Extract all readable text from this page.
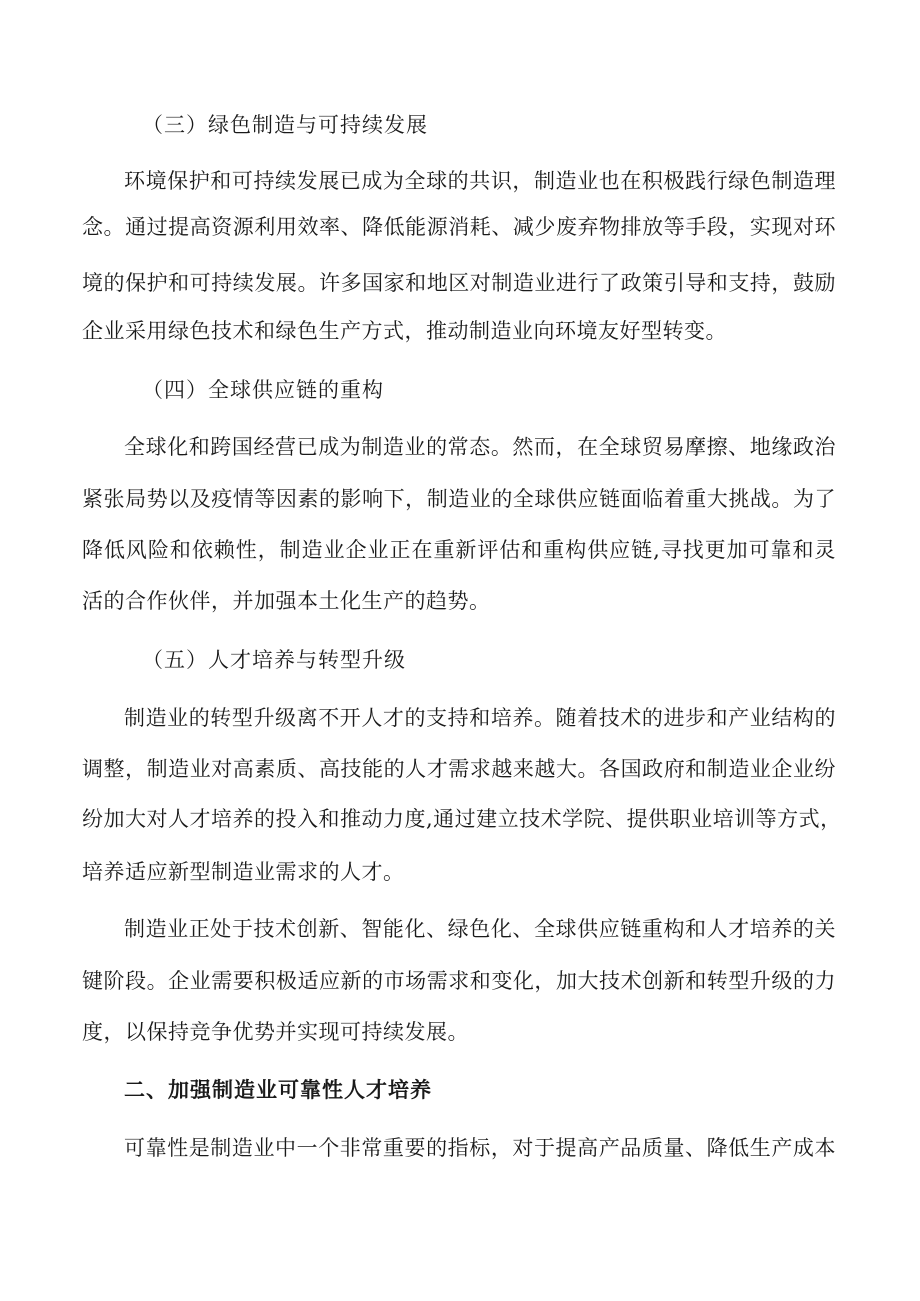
（三）绿色制造与可持续发展
环境保护和可持续发展已成为全球的共识，制造业也在积极践行绿色制造理
念。通过提高资源利用效率、降低能源消耗、减少废弃物排放等手段，实现对环
境的保护和可持续发展。许多国家和地区对制造业进行了政策引导和支持，鼓励
企业采用绿色技术和绿色生产方式，推动制造业向环境友好型转变。
（四）全球供应链的重构
全球化和跨国经营已成为制造业的常态。然而，在全球贸易摩擦、地缘政治
紧张局势以及疫情等因素的影响下，制造业的全球供应链面临着重大挑战。为了
降低风险和依赖性，制造业企业正在重新评估和重构供应链,寻找更加可靠和灵
活的合作伙伴，并加强本土化生产的趋势。
（五）人才培养与转型升级
制造业的转型升级离不开人才的支持和培养。随着技术的进步和产业结构的
调整，制造业对高素质、高技能的人才需求越来越大。各国政府和制造业企业纷
纷加大对人才培养的投入和推动力度,通过建立技术学院、提供职业培训等方式，
培养适应新型制造业需求的人才。
制造业正处于技术创新、智能化、绿色化、全球供应链重构和人才培养的关
键阶段。企业需要积极适应新的市场需求和变化，加大技术创新和转型升级的力
度，以保持竞争优势并实现可持续发展。
二、加强制造业可靠性人才培养
可靠性是制造业中一个非常重要的指标，对于提高产品质量、降低生产成本
